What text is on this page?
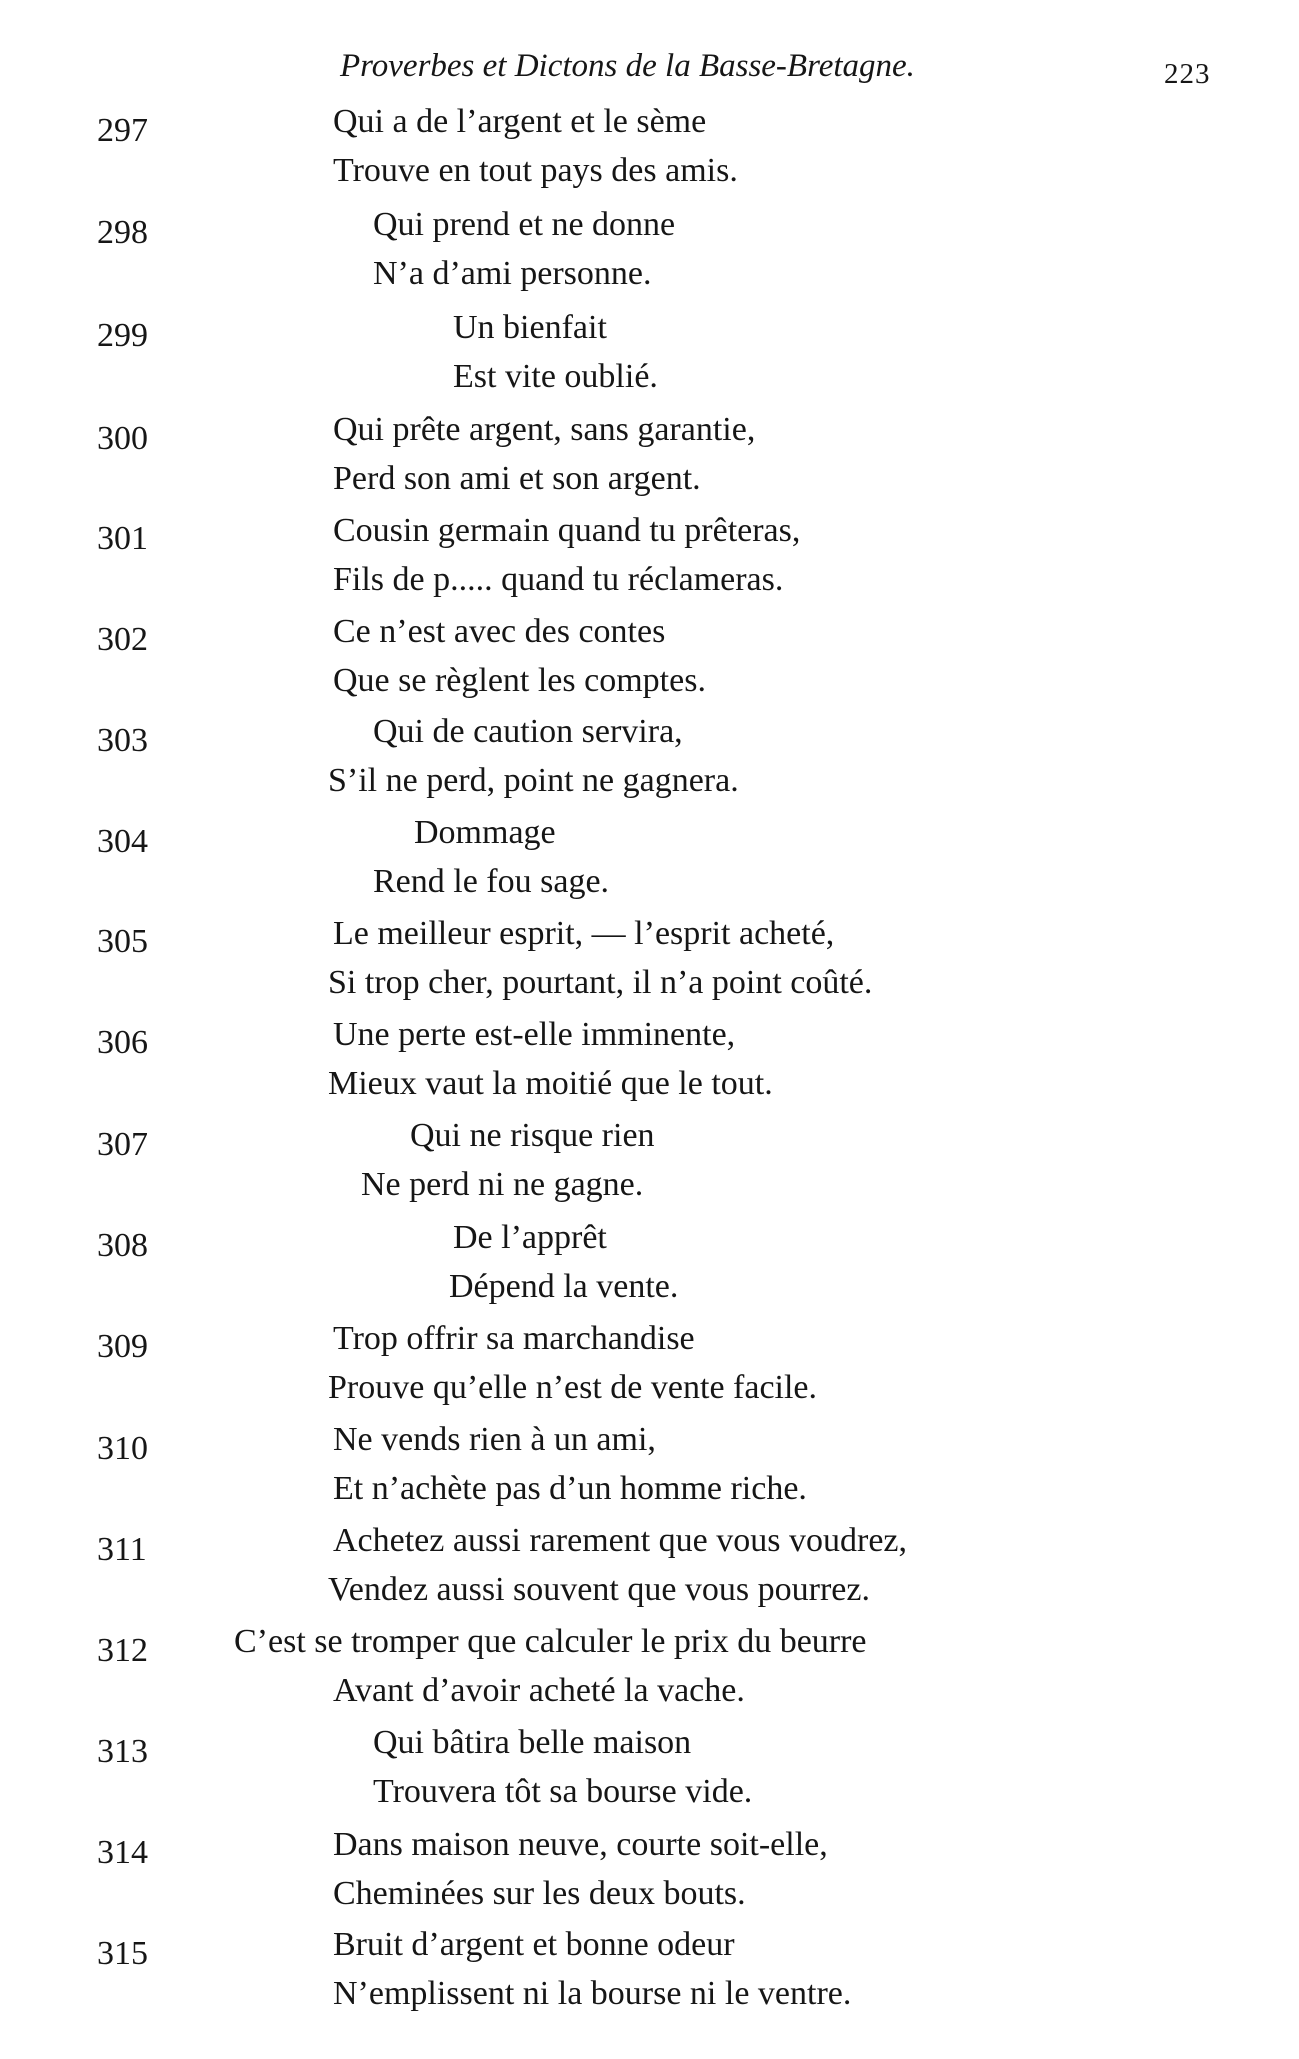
Proverbes et Dictons de la Basse-Bretagne.	223
297	Qui a de l’argent et le sème
Trouve en tout pays des amis.
298	Qui prend et ne donne
N’a d’ami personne.
299	Un bienfait
Est vite oublié.
300	Qui prête argent, sans garantie,
Perd son ami et son argent.
301	Cousin germain quand tu prêteras,
Fils de p..... quand tu réclameras.
302	Ce n’est avec des contes
Que se règlent les comptes.
303	Qui de caution servira,
S’il ne perd, point ne gagnera.
304	Dommage
Rend le fou sage.
305	Le meilleur esprit, — l’esprit acheté,
Si trop cher, pourtant, il n’a point coûté.
306	Une perte est-elle imminente,
Mieux vaut la moitié que le tout.
307	Qui ne risque rien
Ne perd ni ne gagne.
308	De l’apprêt
Dépend la vente.
309	Trop offrir sa marchandise
Prouve qu’elle n’est de vente facile.
310	Ne vends rien à un ami,
Et n’achète pas d’un homme riche.
311	Achetez aussi rarement que vous voudrez,
Vendez aussi souvent que vous pourrez.
312	C’est se tromper que calculer le prix du beurre
Avant d’avoir acheté la vache.
313	Qui bâtira belle maison
Trouvera tôt sa bourse vide.
314	Dans maison neuve, courte soit-elle,
Cheminées sur les deux bouts.
315	Bruit d’argent et bonne odeur
N’emplissent ni la bourse ni le ventre.
